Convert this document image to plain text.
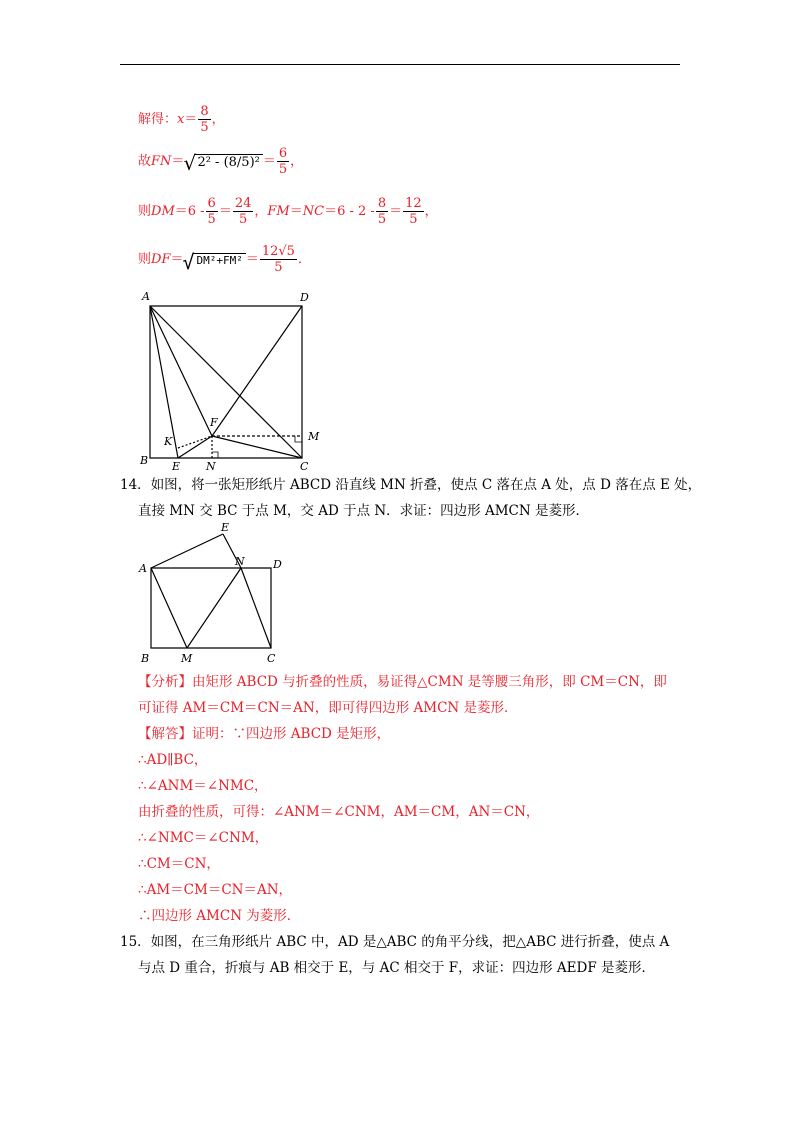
解得：$x= \frac{8}{5}$ ，
故FN＝ √ $2^2 - (8/5)^2 = \frac{6}{5}$ ，
则$DM=6 - \frac{6}{5} = \frac{24}{5}$ ，$FM=NC=6 - 2 - \frac{8}{5} = \frac{12}{5}$ ，
则DF＝ √ $DM^2+FM^2 = \frac{12√5}{5}$ ．
A	D
F
K	M
B E N	C
14．如图，将一张矩形纸片 ABCD 沿直线 MN 折叠，使点 C 落在点 A 处，点 D 落在点 E 处，
直接 MN 交 BC 于点 M，交 AD 于点 N．求证：四边形 AMCN 是菱形．
E
A
N	D
B	M	C
【分析】由矩形 ABCD 与折叠的性质，易证得△CMN 是等腰三角形，即 CM＝CN，即
可证得 AM＝CM＝CN＝AN，即可得四边形 AMCN 是菱形．
【解答】证明：∵四边形 ABCD 是矩形，
∴AD∥BC，
∴∠ANM＝∠NMC，
由折叠的性质，可得：∠ANM＝∠CNM，AM＝CM，AN＝CN，
∴∠NMC＝∠CNM，
∴CM＝CN，
∴AM＝CM＝CN＝AN，
∴四边形 AMCN 为菱形．
15．如图，在三角形纸片 ABC 中，AD 是△ABC 的角平分线，把△ABC 进行折叠，使点 A
与点 D 重合，折痕与 AB 相交于 E，与 AC 相交于 F，求证：四边形 AEDF 是菱形．
